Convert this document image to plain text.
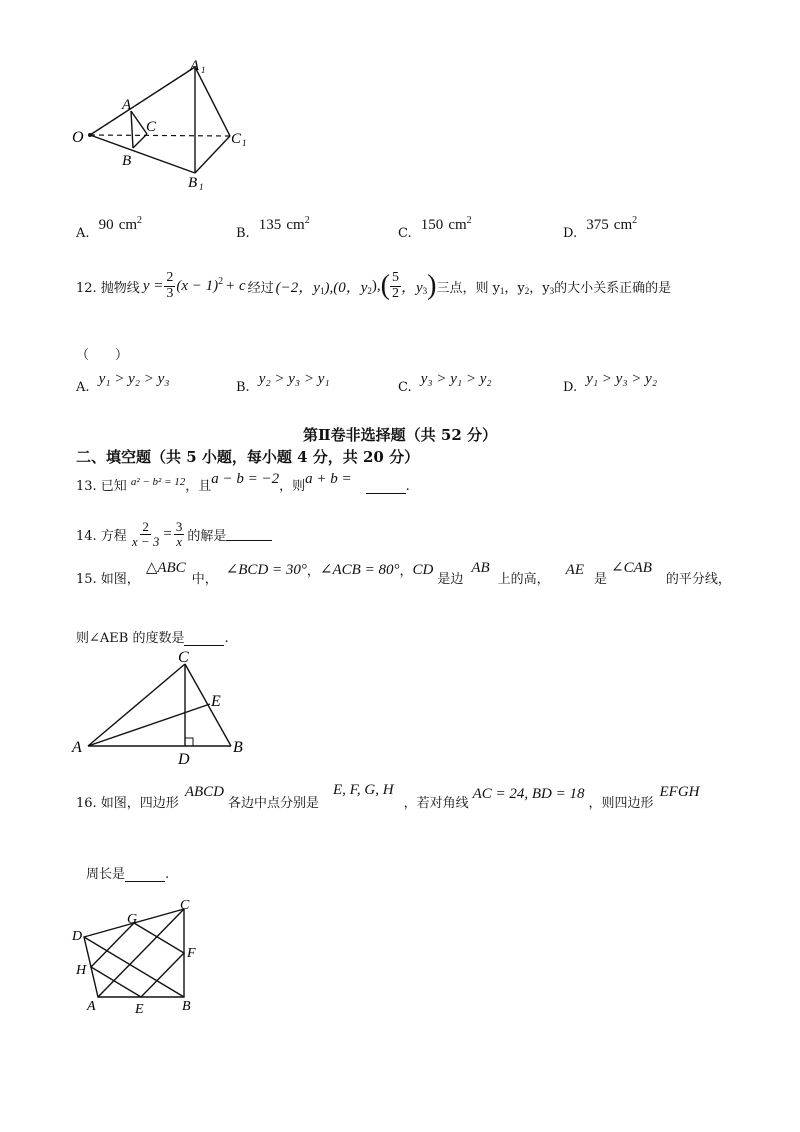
O
A
C
B
A 1
C 1
B 1
A. 90 $cm^2$
B. 135 $cm^2$
C. 150 $cm^2$
D. 375 $cm^2$
12. 抛物线 $y = \frac{2}{3} (x - 1)^2 + c$ 经过 (−2，$y_1$ ),(0，$y_2$ ), ( $\frac{5}{2}$ ，$y_3$ ) 三点，则 $y_1$ ，$y_2$ ，$y_3$ 的大小关系正确的是
（　　）
A. y₁ > y₂ > y₃
B. y₂ > y₃ > y₁
C. y₃ > y₁ > y₂
D. y₁ > y₃ > y₂
第Ⅱ卷非选择题（共 52 分）
二、填空题（共 5 小题，每小题 4 分，共 20 分）
13. 已知 a² − b² = 12 ，且 a − b = −2 ，则 a + b =	.
14. 方程 $\frac{2}{x - 3} = \frac{3}{x}$ 的解是
15. 如图，
△ABC
中，
∠BCD = 30° ， ∠ACB = 80° ， CD
是边
AB
上的高，
AE
是
∠CAB
的平分线，
则∠AEB 的度数是	.
C
E
A
D
B
16. 如图，四边形
ABCD
各边中点分别是
E, F, G, H
，若对角线
AC = 24, BD = 18
，则四边形
EFGH
周长是	.
C
G
D
F
H
A	E	B
